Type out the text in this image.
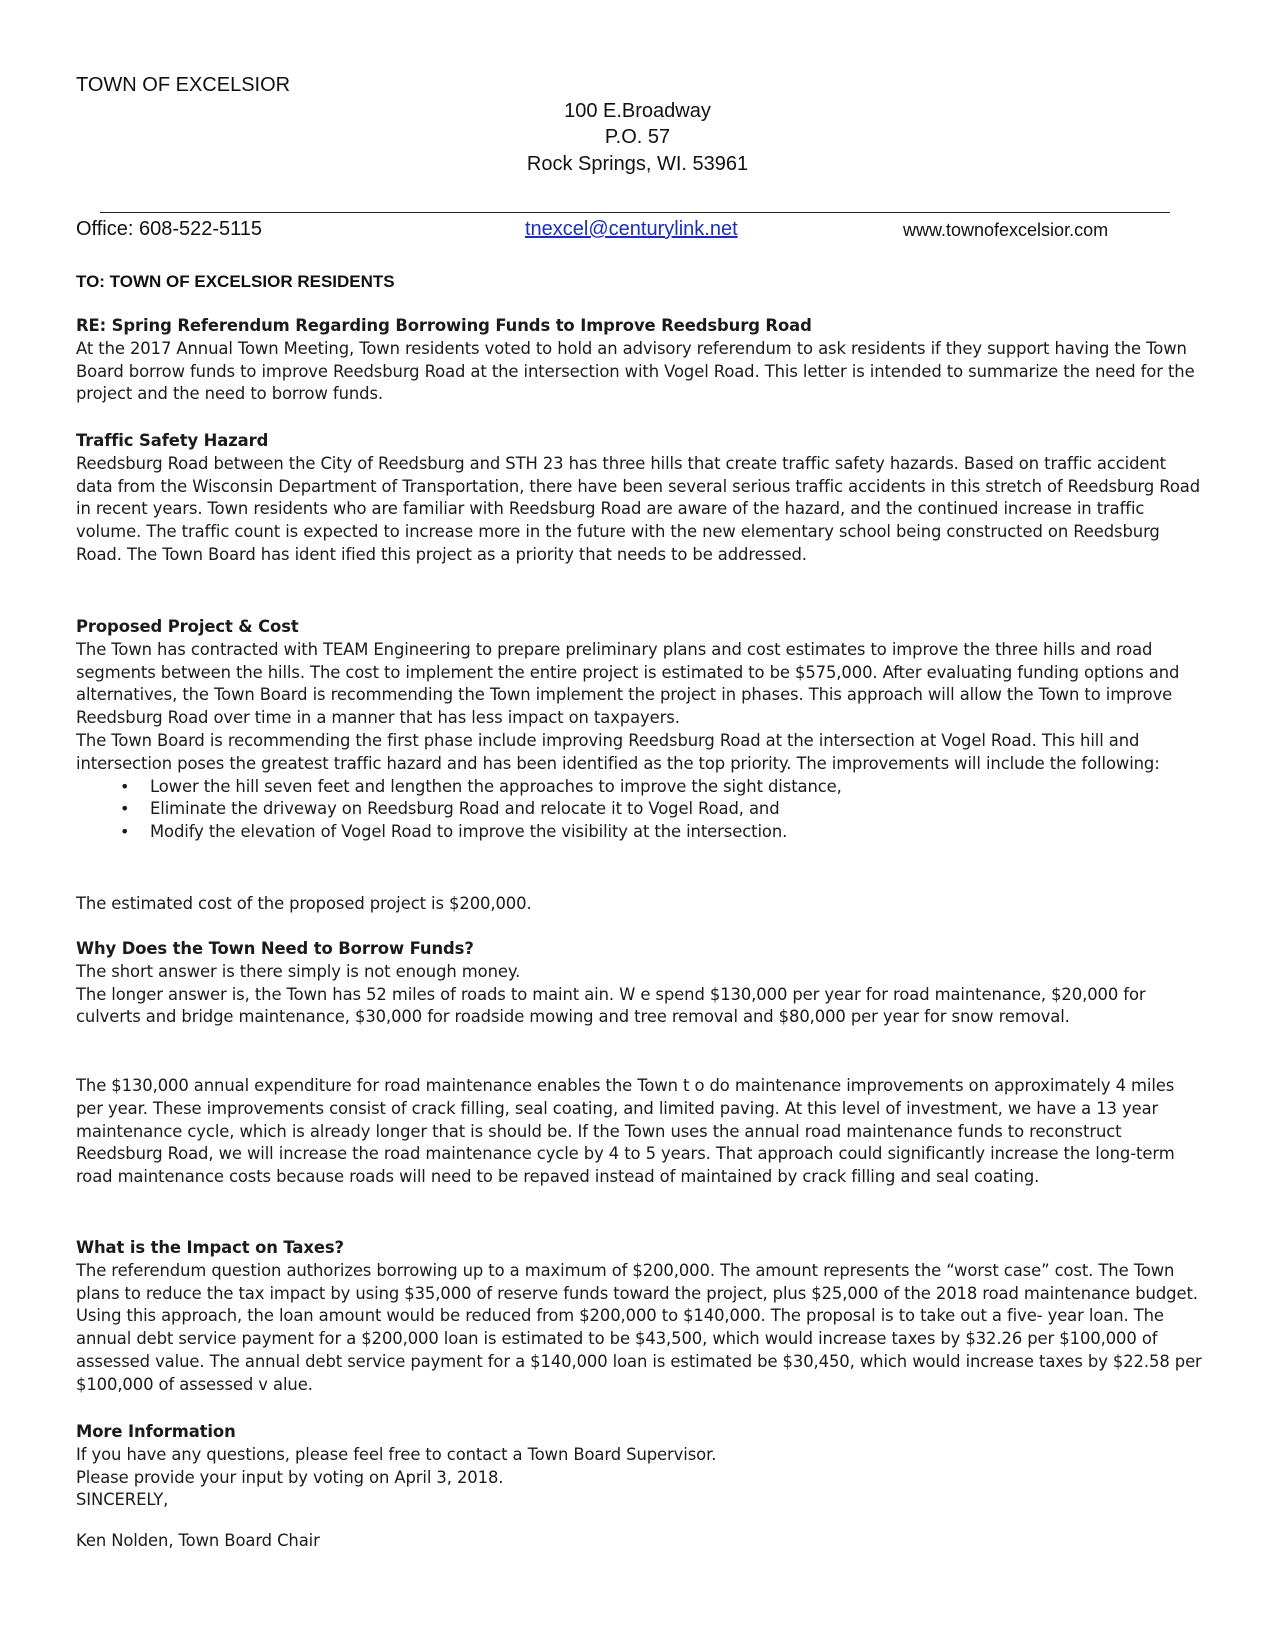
TOWN OF EXCELSIOR
100 E.Broadway
P.O. 57
Rock Springs, WI. 53961
Office: 608-522-5115	tnexcel@centurylink.net	www.townofexcelsior.com
TO: TOWN OF EXCELSIOR RESIDENTS

RE: Spring Referendum Regarding Borrowing Funds to Improve Reedsburg Road

At the 2017 Annual Town Meeting, Town residents voted to hold an advisory referendum to ask residents if they support having the Town Board borrow funds to improve Reedsburg Road at the intersection with Vogel Road. This letter is intended to summarize the need for the project and the need to borrow funds.

Traffic Safety Hazard

Reedsburg Road between the City of Reedsburg and STH 23 has three hills that create traffic safety hazards. Based on traffic accident data from the Wisconsin Department of Transportation, there have been several serious traffic accidents in this stretch of Reedsburg Road in recent years. Town residents who are familiar with Reedsburg Road are aware of the hazard, and the continued increase in traffic volume. The traffic count is expected to increase more in the future with the new elementary school being constructed on Reedsburg Road. The Town Board has ident ified this project as a priority that needs to be addressed.

Proposed Project & Cost

The Town has contracted with TEAM Engineering to prepare preliminary plans and cost estimates to improve the three hills and road segments between the hills. The cost to implement the entire project is estimated to be $575,000. After evaluating funding options and alternatives, the Town Board is recommending the Town implement the project in phases. This approach will allow the Town to improve Reedsburg Road over time in a manner that has less impact on taxpayers.

The Town Board is recommending the first phase include improving Reedsburg Road at the intersection at Vogel Road. This hill and intersection poses the greatest traffic hazard and has been identified as the top priority. The improvements will include the following:

• Lower the hill seven feet and lengthen the approaches to improve the sight distance,
• Eliminate the driveway on Reedsburg Road and relocate it to Vogel Road, and
• Modify the elevation of Vogel Road to improve the visibility at the intersection.
The estimated cost of the proposed project is $200,000.

Why Does the Town Need to Borrow Funds?

The short answer is there simply is not enough money.

The longer answer is, the Town has 52 miles of roads to maint ain. W e spend $130,000 per year for road maintenance, $20,000 for culverts and bridge maintenance, $30,000 for roadside mowing and tree removal and $80,000 per year for snow removal.

The $130,000 annual expenditure for road maintenance enables the Town t o do maintenance improvements on approximately 4 miles per year. These improvements consist of crack filling, seal coating, and limited paving. At this level of investment, we have a 13 year maintenance cycle, which is already longer that is should be. If the Town uses the annual road maintenance funds to reconstruct Reedsburg Road, we will increase the road maintenance cycle by 4 to 5 years. That approach could significantly increase the long-term road maintenance costs because roads will need to be repaved instead of maintained by crack filling and seal coating.

What is the Impact on Taxes?

The referendum question authorizes borrowing up to a maximum of $200,000. The amount represents the “worst case” cost. The Town plans to reduce the tax impact by using $35,000 of reserve funds toward the project, plus $25,000 of the 2018 road maintenance budget. Using this approach, the loan amount would be reduced from $200,000 to $140,000. The proposal is to take out a five- year loan. The annual debt service payment for a $200,000 loan is estimated to be $43,500, which would increase taxes by $32.26 per $100,000 of assessed value. The annual debt service payment for a $140,000 loan is estimated be $30,450, which would increase taxes by $22.58 per $100,000 of assessed v alue.

More Information

If you have any questions, please feel free to contact a Town Board Supervisor.

Please provide your input by voting on April 3, 2018.

SINCERELY,

Ken Nolden, Town Board Chair
